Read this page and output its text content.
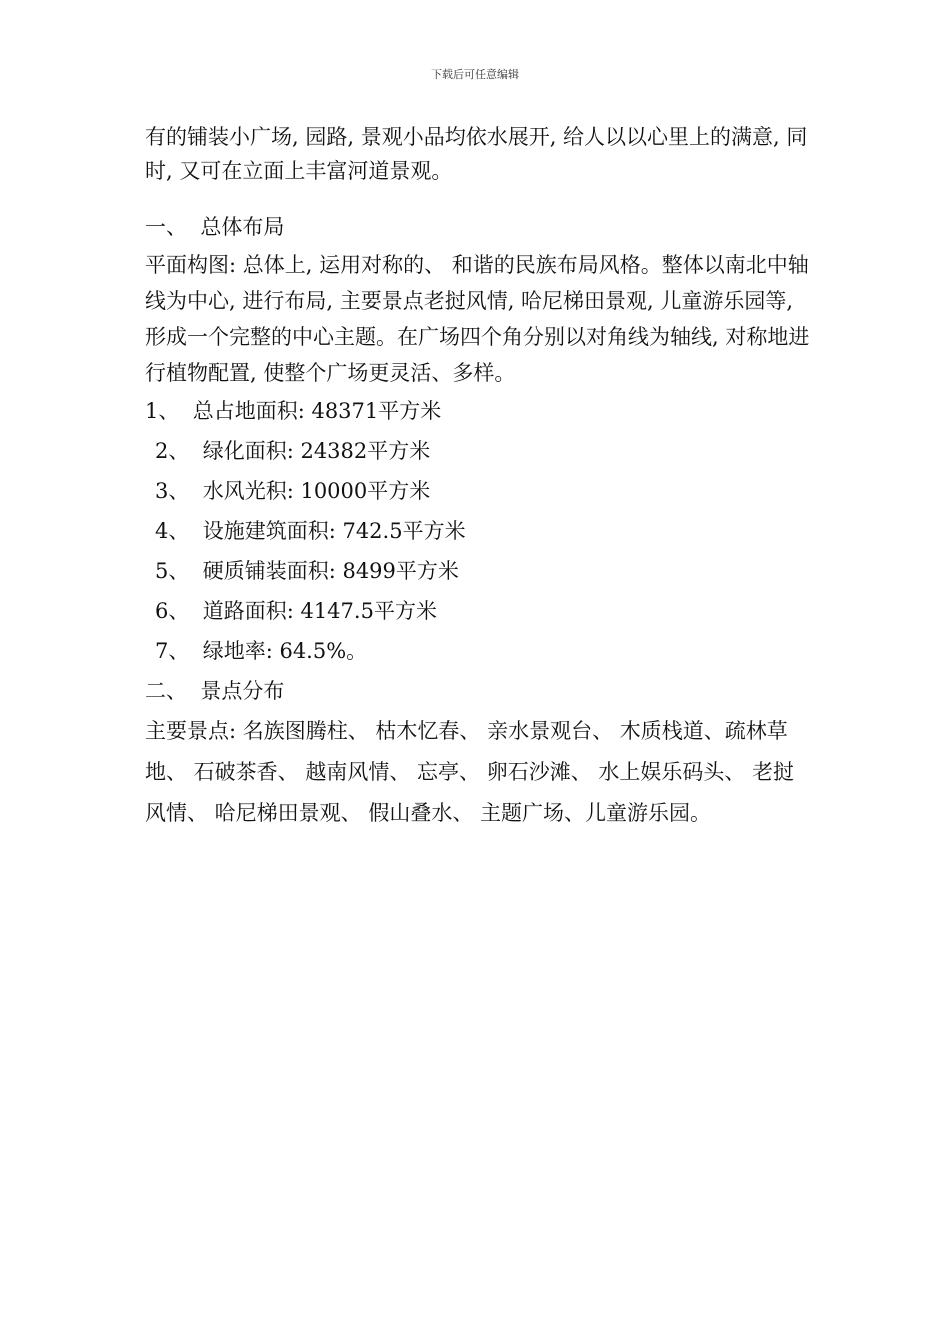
下载后可任意编辑

有的铺装小广场, 园路, 景观小品均依水展开, 给人以以心里上的满意, 同时, 又可在立面上丰富河道景观。

一、  总体布局

平面构图: 总体上, 运用对称的、 和谐的民族布局风格。整体以南北中轴线为中心, 进行布局, 主要景点老挝风情, 哈尼梯田景观, 儿童游乐园等, 形成一个完整的中心主题。在广场四个角分别以对角线为轴线, 对称地进行植物配置, 使整个广场更灵活、多样。

1、  总占地面积: 48371平方米
2、  绿化面积: 24382平方米
3、  水风光积: 10000平方米
4、  设施建筑面积: 742.5平方米
5、  硬质铺装面积: 8499平方米
6、  道路面积: 4147.5平方米
7、  绿地率: 64.5%。

二、  景点分布

主要景点: 名族图腾柱、 枯木忆春、 亲水景观台、 木质栈道、疏林草地、 石破茶香、 越南风情、 忘亭、 卵石沙滩、 水上娱乐码头、 老挝风情、 哈尼梯田景观、 假山叠水、 主题广场、儿童游乐园。
